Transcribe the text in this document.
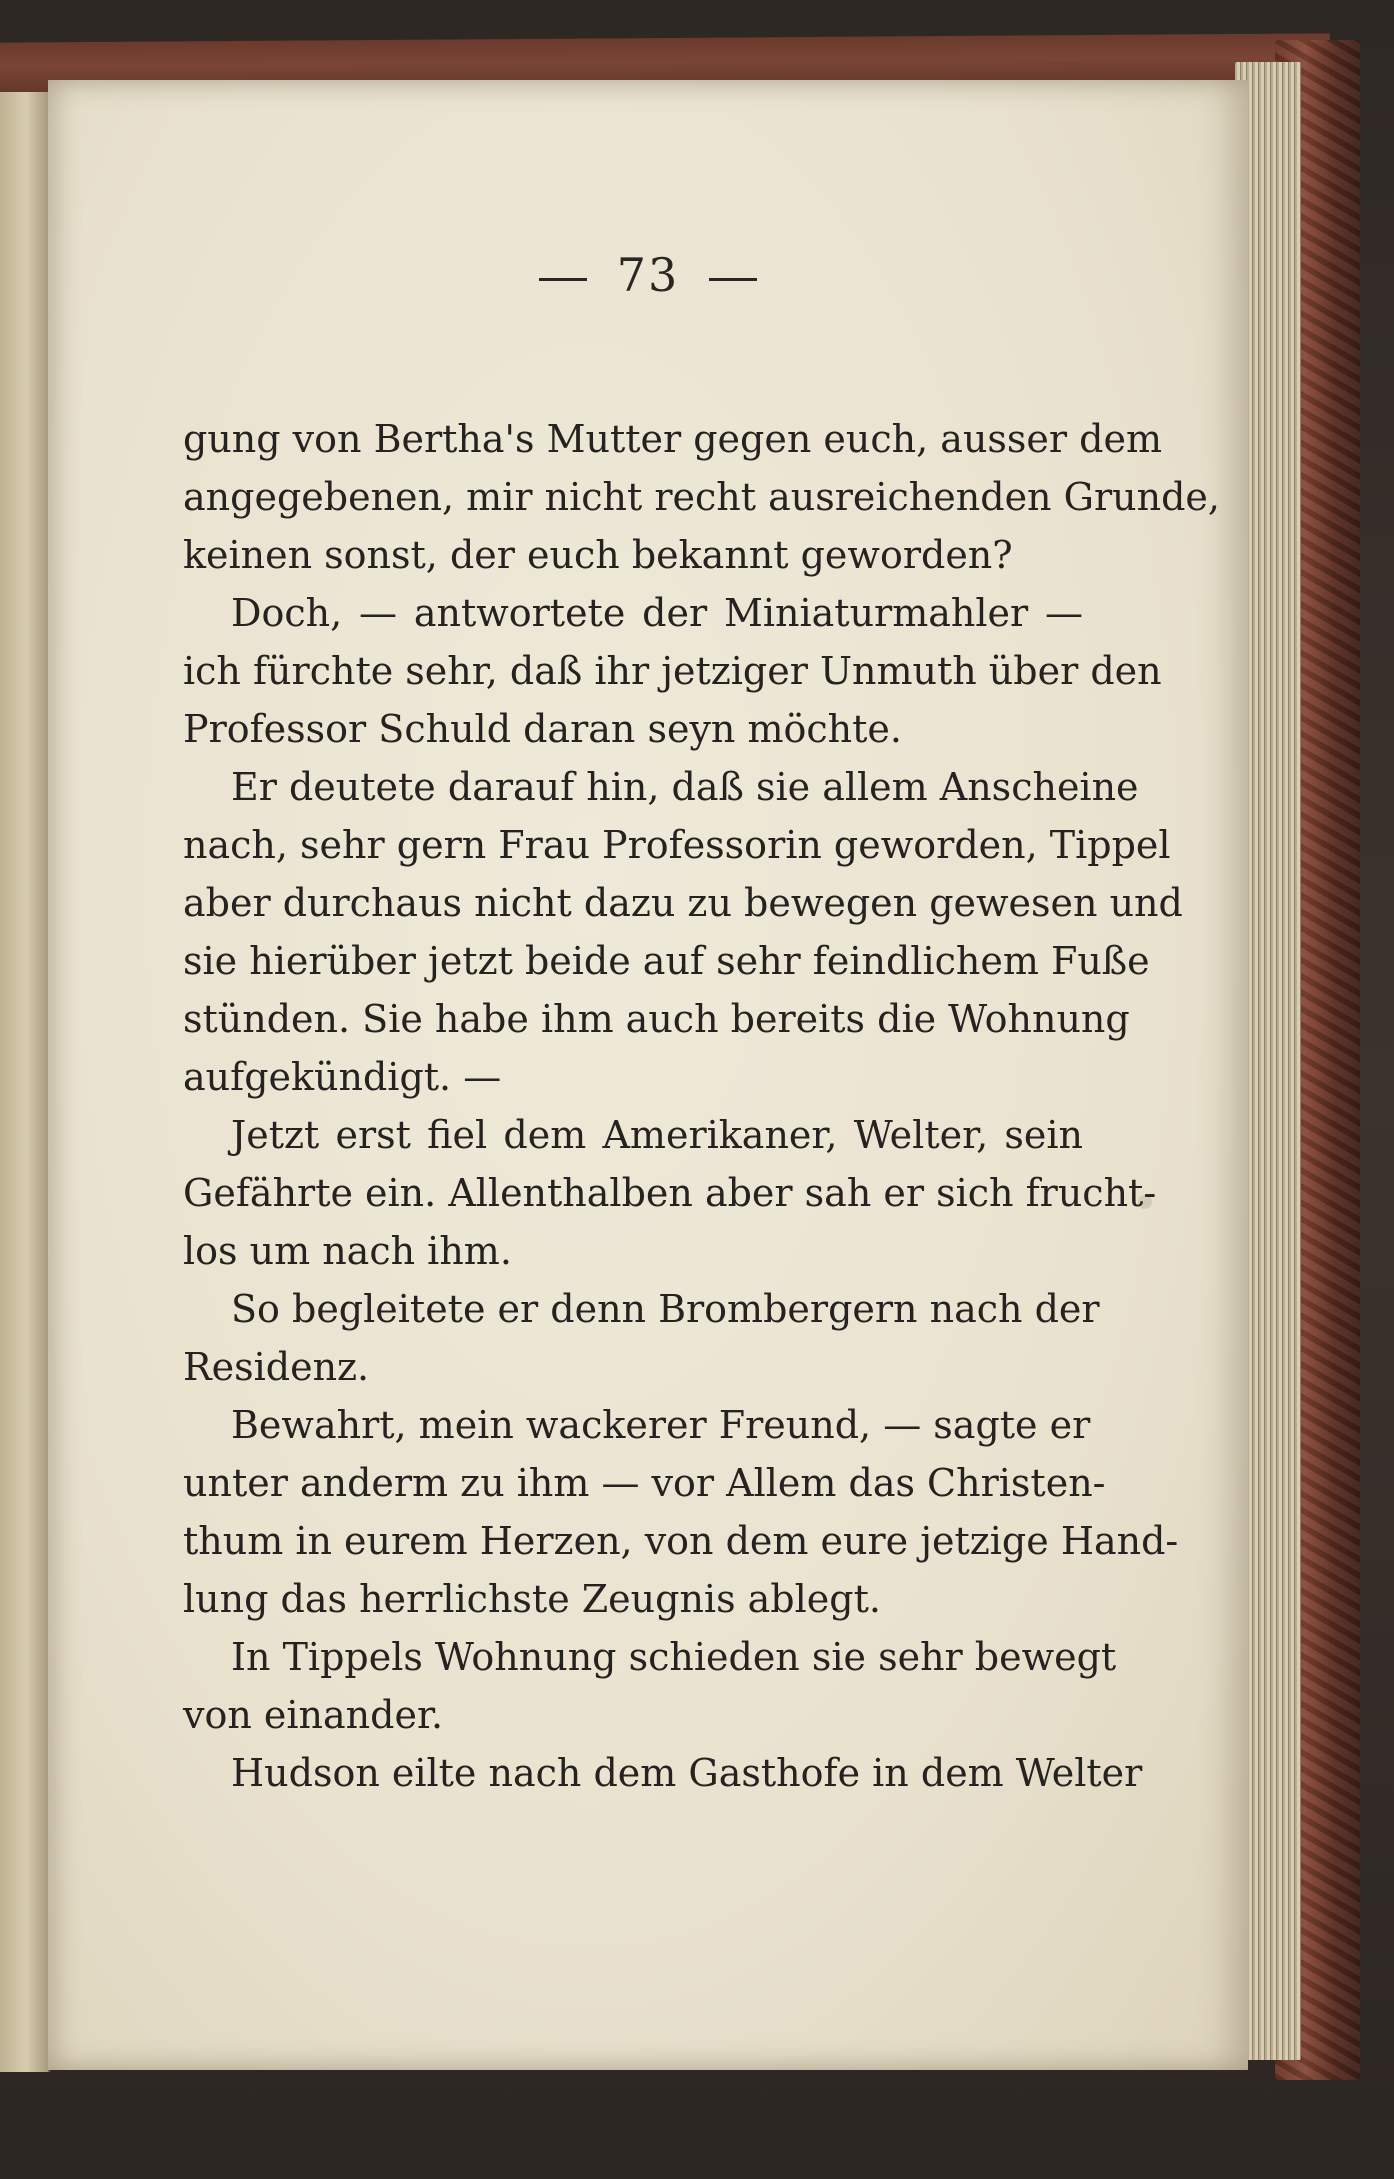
73
gung von Bertha's Mutter gegen euch, ausser dem
angegebenen, mir nicht recht ausreichenden Grunde,
keinen sonst, der euch bekannt geworden?
Doch, — antwortete der Miniaturmahler —
ich fürchte sehr, daß ihr jetziger Unmuth über den
Professor Schuld daran seyn möchte.
Er deutete darauf hin, daß sie allem Anscheine
nach, sehr gern Frau Professorin geworden, Tippel
aber durchaus nicht dazu zu bewegen gewesen und
sie hierüber jetzt beide auf sehr feindlichem Fuße
stünden. Sie habe ihm auch bereits die Wohnung
aufgekündigt. —
Jetzt erst fiel dem Amerikaner, Welter, sein
Gefährte ein. Allenthalben aber sah er sich frucht-
los um nach ihm.
So begleitete er denn Brombergern nach der
Residenz.
Bewahrt, mein wackerer Freund, — sagte er
unter anderm zu ihm — vor Allem das Christen-
thum in eurem Herzen, von dem eure jetzige Hand-
lung das herrlichste Zeugnis ablegt.
In Tippels Wohnung schieden sie sehr bewegt
von einander.
Hudson eilte nach dem Gasthofe in dem Welter
